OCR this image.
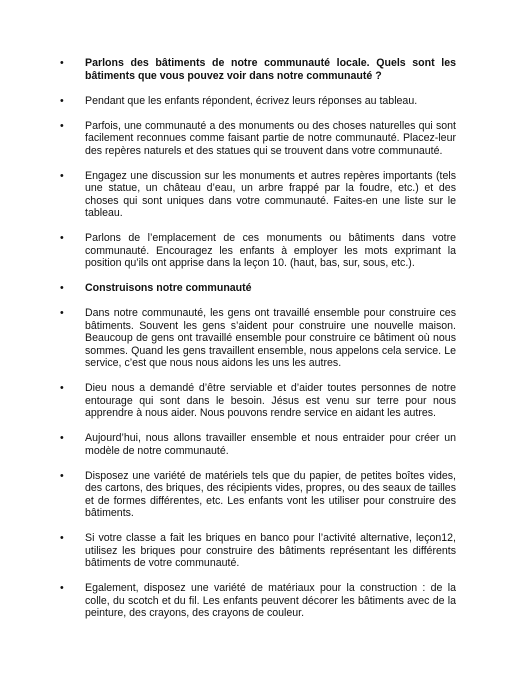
• Parlons des bâtiments de notre communauté locale. Quels sont les bâtiments que vous pouvez voir dans notre communauté ?
• Pendant que les enfants répondent, écrivez leurs réponses au tableau.
• Parfois, une communauté a des monuments ou des choses naturelles qui sont facilement reconnues comme faisant partie de notre communauté. Placez-leur des repères naturels et des statues qui se trouvent dans votre communauté.
• Engagez une discussion sur les monuments et autres repères importants (tels une statue, un château d’eau, un arbre frappé par la foudre, etc.) et des choses qui sont uniques dans votre communauté. Faites-en une liste sur le tableau.
• Parlons de l’emplacement de ces monuments ou bâtiments dans votre communauté. Encouragez les enfants à employer les mots exprimant la position qu’ils ont apprise dans la leçon 10. (haut, bas, sur, sous, etc.).
• Construisons notre communauté
• Dans notre communauté, les gens ont travaillé ensemble pour construire ces bâtiments. Souvent les gens s’aident pour construire une nouvelle maison. Beaucoup de gens ont travaillé ensemble pour construire ce bâtiment où nous sommes. Quand les gens travaillent ensemble, nous appelons cela service. Le service, c’est que nous nous aidons les uns les autres.
• Dieu nous a demandé d’être serviable et d’aider toutes personnes de notre entourage qui sont dans le besoin. Jésus est venu sur terre pour nous apprendre à nous aider. Nous pouvons rendre service en aidant les autres.
• Aujourd’hui, nous allons travailler ensemble et nous entraider pour créer un modèle de notre communauté.
• Disposez une variété de matériels tels que du papier, de petites boîtes vides, des cartons, des briques, des récipients vides, propres, ou des seaux de tailles et de formes différentes, etc. Les enfants vont les utiliser pour construire des bâtiments.
• Si votre classe a fait les briques en banco pour l’activité alternative, leçon12, utilisez les briques pour construire des bâtiments représentant les différents bâtiments de votre communauté.
• Egalement, disposez une variété de matériaux pour la construction : de la colle, du scotch et du fil. Les enfants peuvent décorer les bâtiments avec de la peinture, des crayons, des crayons de couleur.
